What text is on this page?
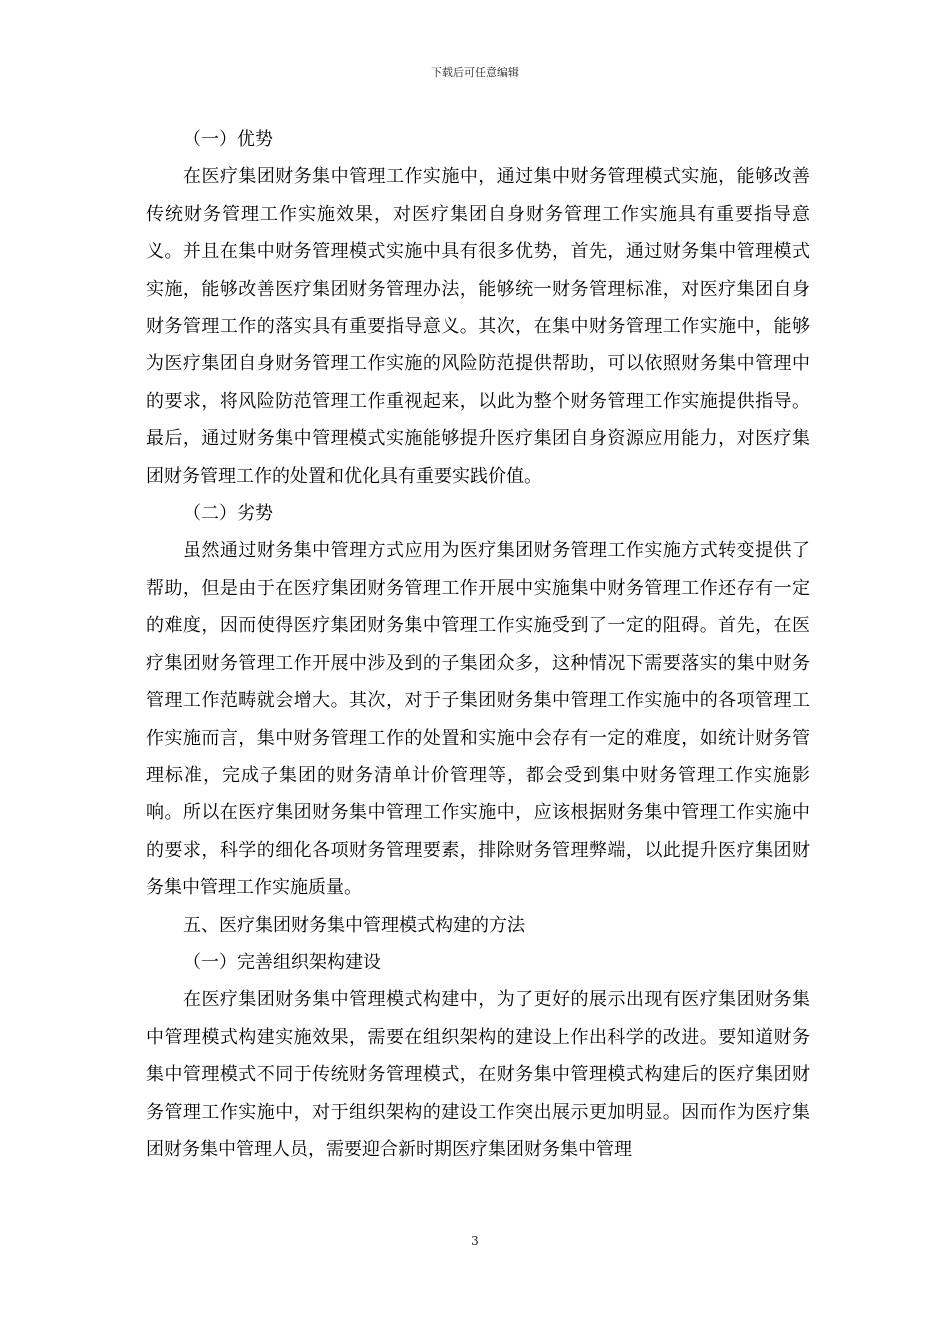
下载后可任意编辑

（一）优势

在医疗集团财务集中管理工作实施中，通过集中财务管理模式实施，能够改善传统财务管理工作实施效果，对医疗集团自身财务管理工作实施具有重要指导意义。并且在集中财务管理模式实施中具有很多优势，首先，通过财务集中管理模式实施，能够改善医疗集团财务管理办法，能够统一财务管理标准，对医疗集团自身财务管理工作的落实具有重要指导意义。其次，在集中财务管理工作实施中，能够为医疗集团自身财务管理工作实施的风险防范提供帮助，可以依照财务集中管理中的要求，将风险防范管理工作重视起来，以此为整个财务管理工作实施提供指导。最后，通过财务集中管理模式实施能够提升医疗集团自身资源应用能力，对医疗集团财务管理工作的处置和优化具有重要实践价值。

（二）劣势

虽然通过财务集中管理方式应用为医疗集团财务管理工作实施方式转变提供了帮助，但是由于在医疗集团财务管理工作开展中实施集中财务管理工作还存有一定的难度，因而使得医疗集团财务集中管理工作实施受到了一定的阻碍。首先，在医疗集团财务管理工作开展中涉及到的子集团众多，这种情况下需要落实的集中财务管理工作范畴就会增大。其次，对于子集团财务集中管理工作实施中的各项管理工作实施而言，集中财务管理工作的处置和实施中会存有一定的难度，如统计财务管理标准，完成子集团的财务清单计价管理等，都会受到集中财务管理工作实施影响。所以在医疗集团财务集中管理工作实施中，应该根据财务集中管理工作实施中的要求，科学的细化各项财务管理要素，排除财务管理弊端，以此提升医疗集团财务集中管理工作实施质量。

五、医疗集团财务集中管理模式构建的方法

（一）完善组织架构建设

在医疗集团财务集中管理模式构建中，为了更好的展示出现有医疗集团财务集中管理模式构建实施效果，需要在组织架构的建设上作出科学的改进。要知道财务集中管理模式不同于传统财务管理模式，在财务集中管理模式构建后的医疗集团财务管理工作实施中，对于组织架构的建设工作突出展示更加明显。因而作为医疗集团财务集中管理人员，需要迎合新时期医疗集团财务集中管理

3
